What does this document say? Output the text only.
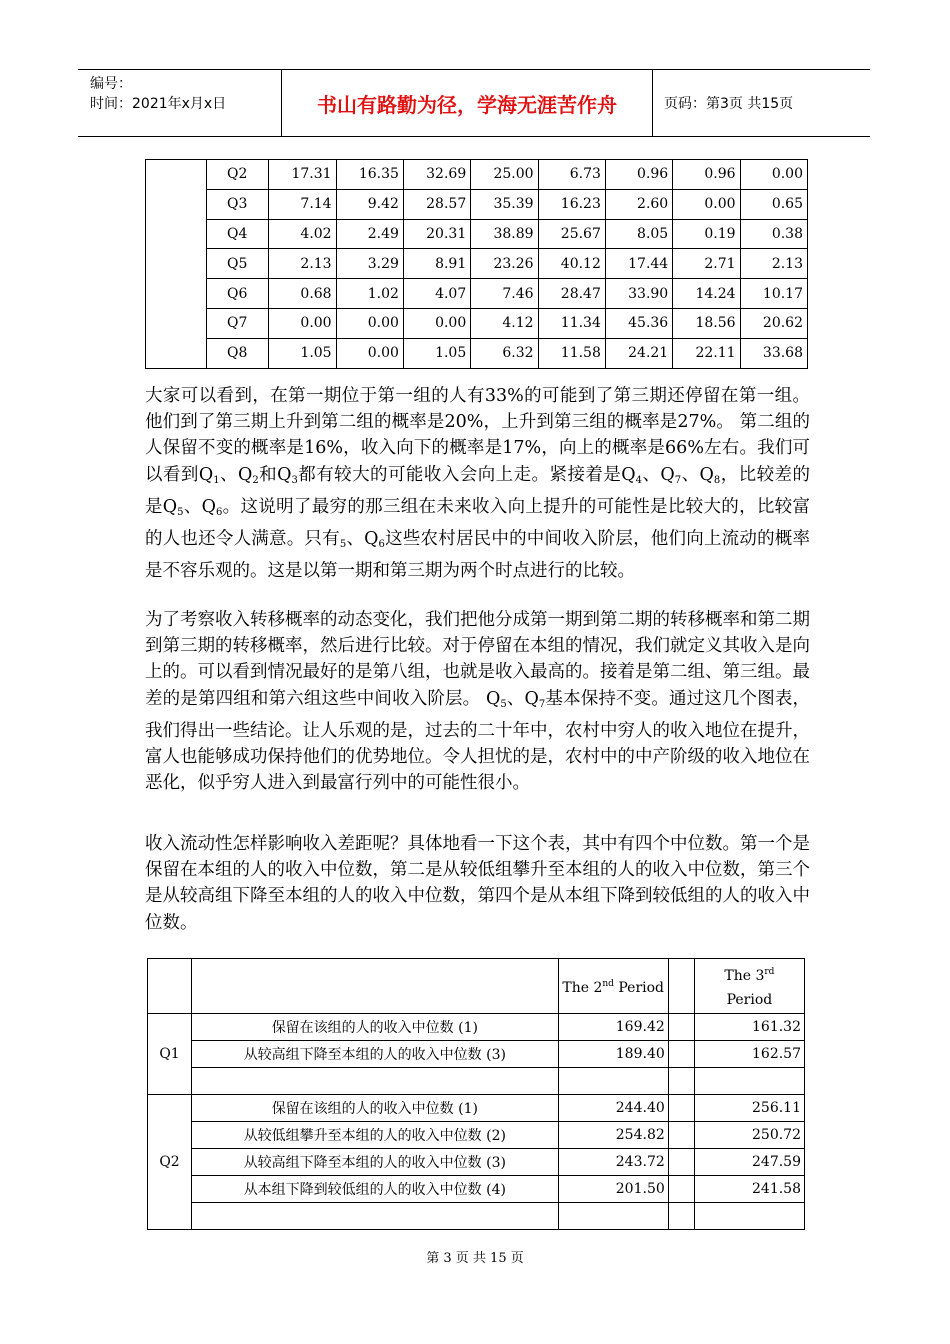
编号：
时间：2021年x月x日	书山有路勤为径，学海无涯苦作舟	页码：第3页 共15页
	Q2	17.31	16.35	32.69	25.00	6.73	0.96	0.96	0.00
	Q3	7.14	9.42	28.57	35.39	16.23	2.60	0.00	0.65
	Q4	4.02	2.49	20.31	38.89	25.67	8.05	0.19	0.38
	Q5	2.13	3.29	8.91	23.26	40.12	17.44	2.71	2.13
	Q6	0.68	1.02	4.07	7.46	28.47	33.90	14.24	10.17
	Q7	0.00	0.00	0.00	4.12	11.34	45.36	18.56	20.62
	Q8	1.05	0.00	1.05	6.32	11.58	24.21	22.11	33.68
大家可以看到，在第一期位于第一组的人有33%的可能到了第三期还停留在第一组。他们到了第三期上升到第二组的概率是20%，上升到第三组的概率是27%。 第二组的人保留不变的概率是16%，收入向下的概率是17%，向上的概率是66%左右。我们可以看到$Q_1$、$Q_2$和$Q_3$都有较大的可能收入会向上走。紧接着是$Q_4$、$Q_7$、$Q_8$，比较差的是$Q_5$、$Q_6$。这说明了最穷的那三组在未来收入向上提升的可能性是比较大的，比较富的人也还令人满意。只有$_5$、$Q_6$这些农村居民中的中间收入阶层，他们向上流动的概率是不容乐观的。这是以第一期和第三期为两个时点进行的比较。
为了考察收入转移概率的动态变化，我们把他分成第一期到第二期的转移概率和第二期到第三期的转移概率，然后进行比较。对于停留在本组的情况，我们就定义其收入是向上的。可以看到情况最好的是第八组，也就是收入最高的。接着是第二组、第三组。最差的是第四组和第六组这些中间收入阶层。 $Q_5$、$Q_7$基本保持不变。通过这几个图表，我们得出一些结论。让人乐观的是，过去的二十年中，农村中穷人的收入地位在提升，富人也能够成功保持他们的优势地位。令人担忧的是，农村中的中产阶级的收入地位在恶化，似乎穷人进入到最富行列中的可能性很小。
收入流动性怎样影响收入差距呢？具体地看一下这个表，其中有四个中位数。第一个是保留在本组的人的收入中位数，第二是从较低组攀升至本组的人的收入中位数，第三个是从较高组下降至本组的人的收入中位数，第四个是从本组下降到较低组的人的收入中位数。
		The 2nd Period		The 3rd
Period
Q1	保留在该组的人的收入中位数 (1)	169.42		161.32
	从较高组下降至本组的人的收入中位数 (3)	189.40		162.57

Q2	保留在该组的人的收入中位数 (1)	244.40		256.11
	从较低组攀升至本组的人的收入中位数 (2)	254.82		250.72
	从较高组下降至本组的人的收入中位数 (3)	243.72		247.59
	从本组下降到较低组的人的收入中位数 (4)	201.50		241.58

第 3 页 共 15 页
